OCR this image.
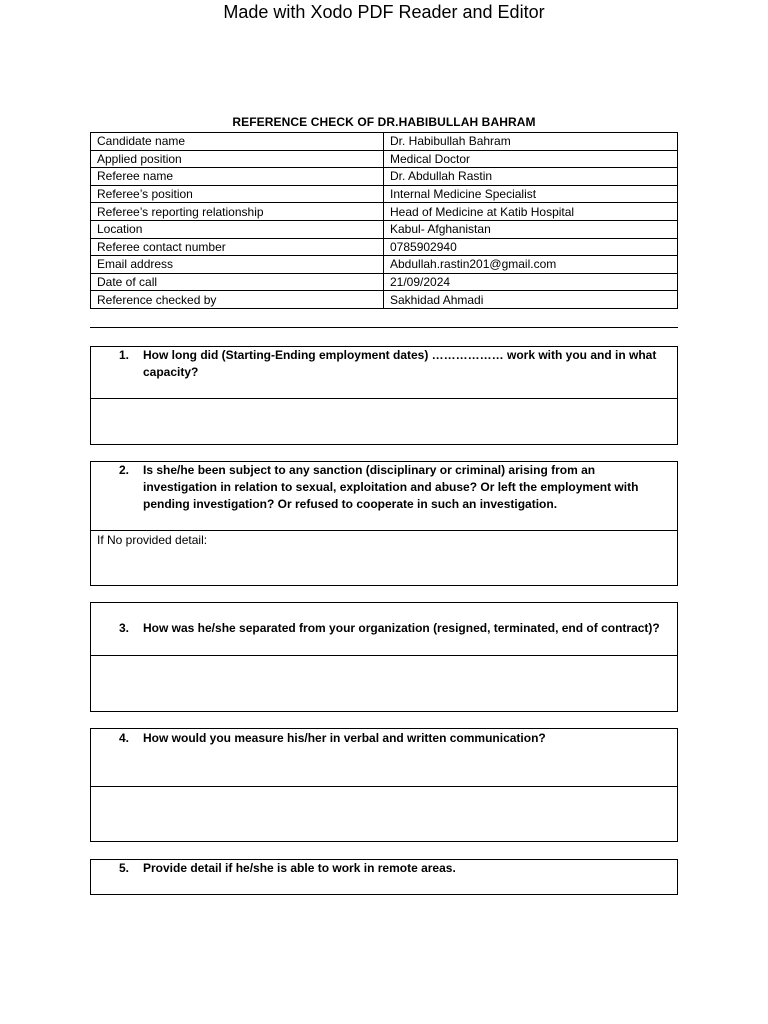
Made with Xodo PDF Reader and Editor
REFERENCE CHECK OF DR.HABIBULLAH BAHRAM
Candidate name	Dr. Habibullah Bahram
Applied position	Medical Doctor
Referee name	Dr. Abdullah Rastin
Referee’s position	Internal Medicine Specialist
Referee’s reporting relationship	Head of Medicine at Katib Hospital
Location	Kabul- Afghanistan
Referee contact number	0785902940
Email address	Abdullah.rastin201@gmail.com
Date of call	21/09/2024
Reference checked by	Sakhidad Ahmadi
1. How long did (Starting-Ending employment dates) ……………… work with you and in what capacity?
2. Is she/he been subject to any sanction (disciplinary or criminal) arising from an investigation in relation to sexual, exploitation and abuse? Or left the employment with pending investigation? Or refused to cooperate in such an investigation.
If No provided detail:
3. How was he/she separated from your organization (resigned, terminated, end of contract)?
4. How would you measure his/her in verbal and written communication?
5. Provide detail if he/she is able to work in remote areas.
